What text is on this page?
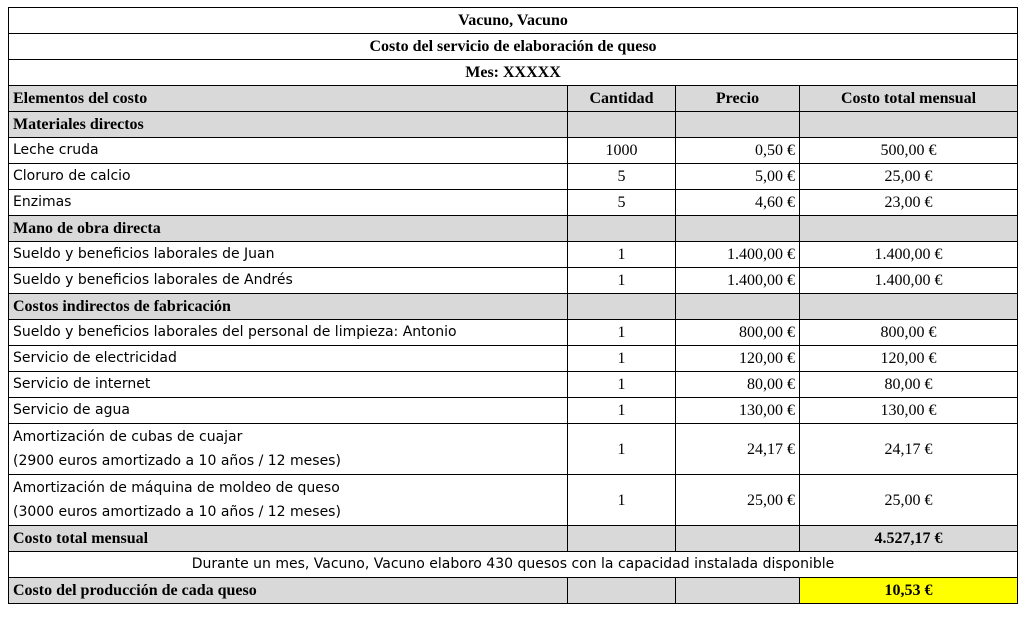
Vacuno, Vacuno			
Costo del servicio de elaboración de queso			
Mes: XXXXX			
Elementos del costo	Cantidad	Precio	Costo total mensual
Materiales directos			
Leche cruda	1000	0,50 €	500,00 €
Cloruro de calcio	5	5,00 €	25,00 €
Enzimas	5	4,60 €	23,00 €
Mano de obra directa			
Sueldo y beneficios laborales de Juan	1	1.400,00 €	1.400,00 €
Sueldo y beneficios laborales de Andrés	1	1.400,00 €	1.400,00 €
Costos indirectos de fabricación			
Sueldo y beneficios laborales del personal de limpieza: Antonio	1	800,00 €	800,00 €
Servicio de electricidad	1	120,00 €	120,00 €
Servicio de internet	1	80,00 €	80,00 €
Servicio de agua	1	130,00 €	130,00 €

Amortización de cubas de cuajar
(2900 euros amortizado a 10 años / 12 meses)	1	24,17 €	24,17 €

Amortización de máquina de moldeo de queso
(3000 euros amortizado a 10 años / 12 meses)	1	25,00 €	25,00 €
Costo total mensual			4.527,17 €
Durante un mes, Vacuno, Vacuno elaboro 430 quesos con la capacidad instalada disponible			
Costo del producción de cada queso			10,53 €
